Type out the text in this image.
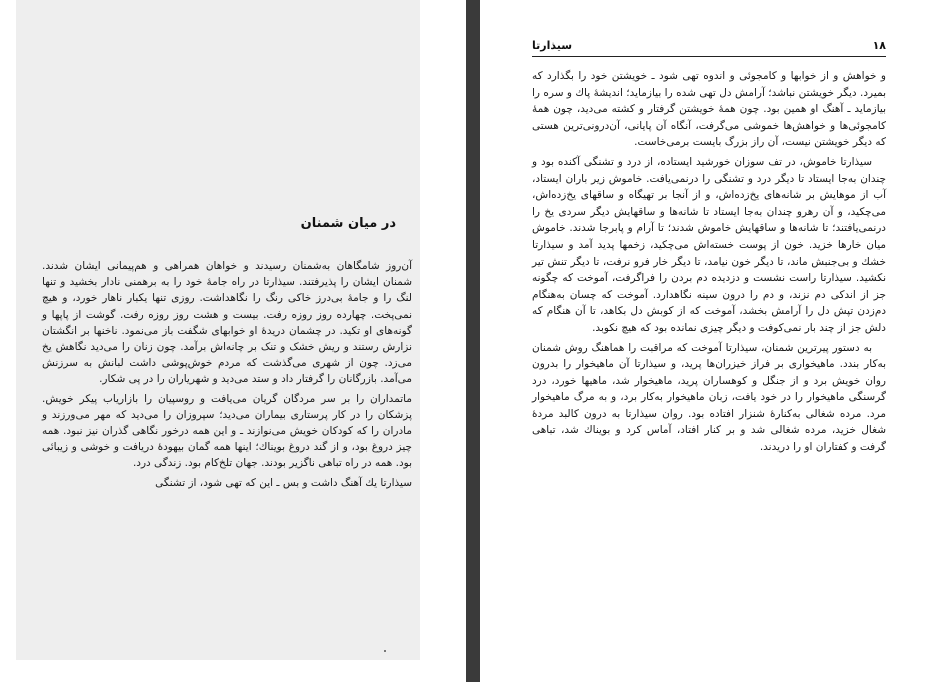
در میان شمنان

آن‌روز شامگاهان به‌شمنان رسیدند و خواهان همراهی و هم‌پیمانی ایشان شدند. شمنان ایشان را پذیرفتند. سیذارتا در راه جامهٔ خود را به برهمنی نادار بخشید و تنها لنگ را و جامهٔ بی‌درز خاکی رنگ را نگاهداشت. روزی تنها یکبار ناهار خورد، و هیچ نمی‌پخت. چهارده روز روزه رفت. بیست و هشت روز روزه رفت. گوشت از پاپها و گونه‌های او تکید. در چشمان دریدهٔ او خوابهای شگفت باز می‌نمود. ناخنها بر انگشتان نزارش رستند و ریش خشک و تنک بر چانه‌اش برآمد. چون زنان را می‌دید نگاهش یخ می‌زد. چون از شهری می‌گذشت که مردم خوش‌پوشی داشت لبانش به سرزنش می‌آمد. بازرگانان را گرفتار داد و ستد می‌دید و شهریاران را در پی شکار.

ماتمداران را بر سر مردگان گریان می‌یافت و روسپیان را بازاریاب پیکر خویش. پزشکان را در کار پرستاری بیماران می‌دید؛ سپروزان را می‌دید که مهر می‌ورزند و مادران را که کودکان خویش می‌نوازند ـ و این همه درخور نگاهی گذران نیز نبود. همه چیز دروغ بود، و از گند دروغ بویناك؛ اینها همه گمان بیهودهٔ دریافت و خوشی و زیبائی بود. همه در راه تباهی ناگزیر بودند. جهان تلخ‌کام بود. زندگی درد.

سیذارتا یك آهنگ داشت و بس ـ این که تهی شود، از تشنگی

۱۸
سیذارتا

و خواهش و از خوابها و کامجوئی و اندوه تهی شود ـ خویشتن خود را بگذارد که بمیرد. دیگر خویشتن نباشد؛ آرامش دل تهی شده را بیازماید؛ اندیشهٔ پاك و سره را بیازماید ـ آهنگ او همین بود. چون همهٔ خویشتن گرفتار و کشته می‌دید، چون همهٔ کامجوئی‌ها و خواهش‌ها خموشی می‌گرفت، آنگاه آن پایانی، آن‌درونی‌ترین هستی که دیگر خویشتن نیست، آن راز بزرگ بایست برمی‌خاست.

سیذارتا خاموش، در تف سوزان خورشید ایستاده، از درد و تشنگی آکنده بود و چندان به‌جا ایستاد تا دیگر درد و تشنگی را درنمی‌یافت. خاموش زیر باران ایستاد، آب از موهایش بر شانه‌های یخ‌زده‌اش، و از آنجا بر تهیگاه و ساقهای یخ‌زده‌اش، می‌چکید، و آن رهرو چندان به‌جا ایستاد تا شانه‌ها و ساقهایش دیگر سردی یخ را درنمی‌یافتند؛ تا شانه‌ها و ساقهایش خاموش شدند؛ تا آرام و پابرجا شدند. خاموش میان خارها خزید. خون از پوست خسته‌اش می‌چکید، زخمها پدید آمد و سیذارتا خشك و بی‌جنبش ماند، تا دیگر خون نیامد، تا دیگر خار فرو نرفت، تا دیگر تنش تیر نکشید. سیذارتا راست نشست و دزدیده دم بردن را فراگرفت، آموخت که چگونه جز از اندکی دم نزند، و دم را درون سینه نگاهدارد. آموخت که چسان به‌هنگام دم‌زدن تپش دل را آرامش بخشد، آموخت که از کوبش دل بکاهد، تا آن هنگام که دلش جز از چند بار نمی‌کوفت و دیگر چیزی نمانده بود که هیچ نکوبد.

به دستور پیرترین شمنان، سیذارتا آموخت که مراقبت را هماهنگ روش شمنان به‌کار بندد. ماهیخواری بر فراز خیزران‌ها پرید، و سیذارتا آن ماهیخوار را بدرون روان خویش برد و از جنگل و کوهساران پرید، ماهیخوار شد، ماهیها خورد، درد گرسنگی ماهیخوار را در خود یافت، زبان ماهیخوار به‌کار برد، و به مرگ ماهیخوار مرد. مرده شغالی به‌کنارهٔ شنزار افتاده بود. روان سیذارتا به درون کالبد مردهٔ شغال خزید، مرده شغالی شد و بر کنار افتاد، آماس کرد و بویناك شد، تباهی گرفت و کفتاران او را دریدند.
